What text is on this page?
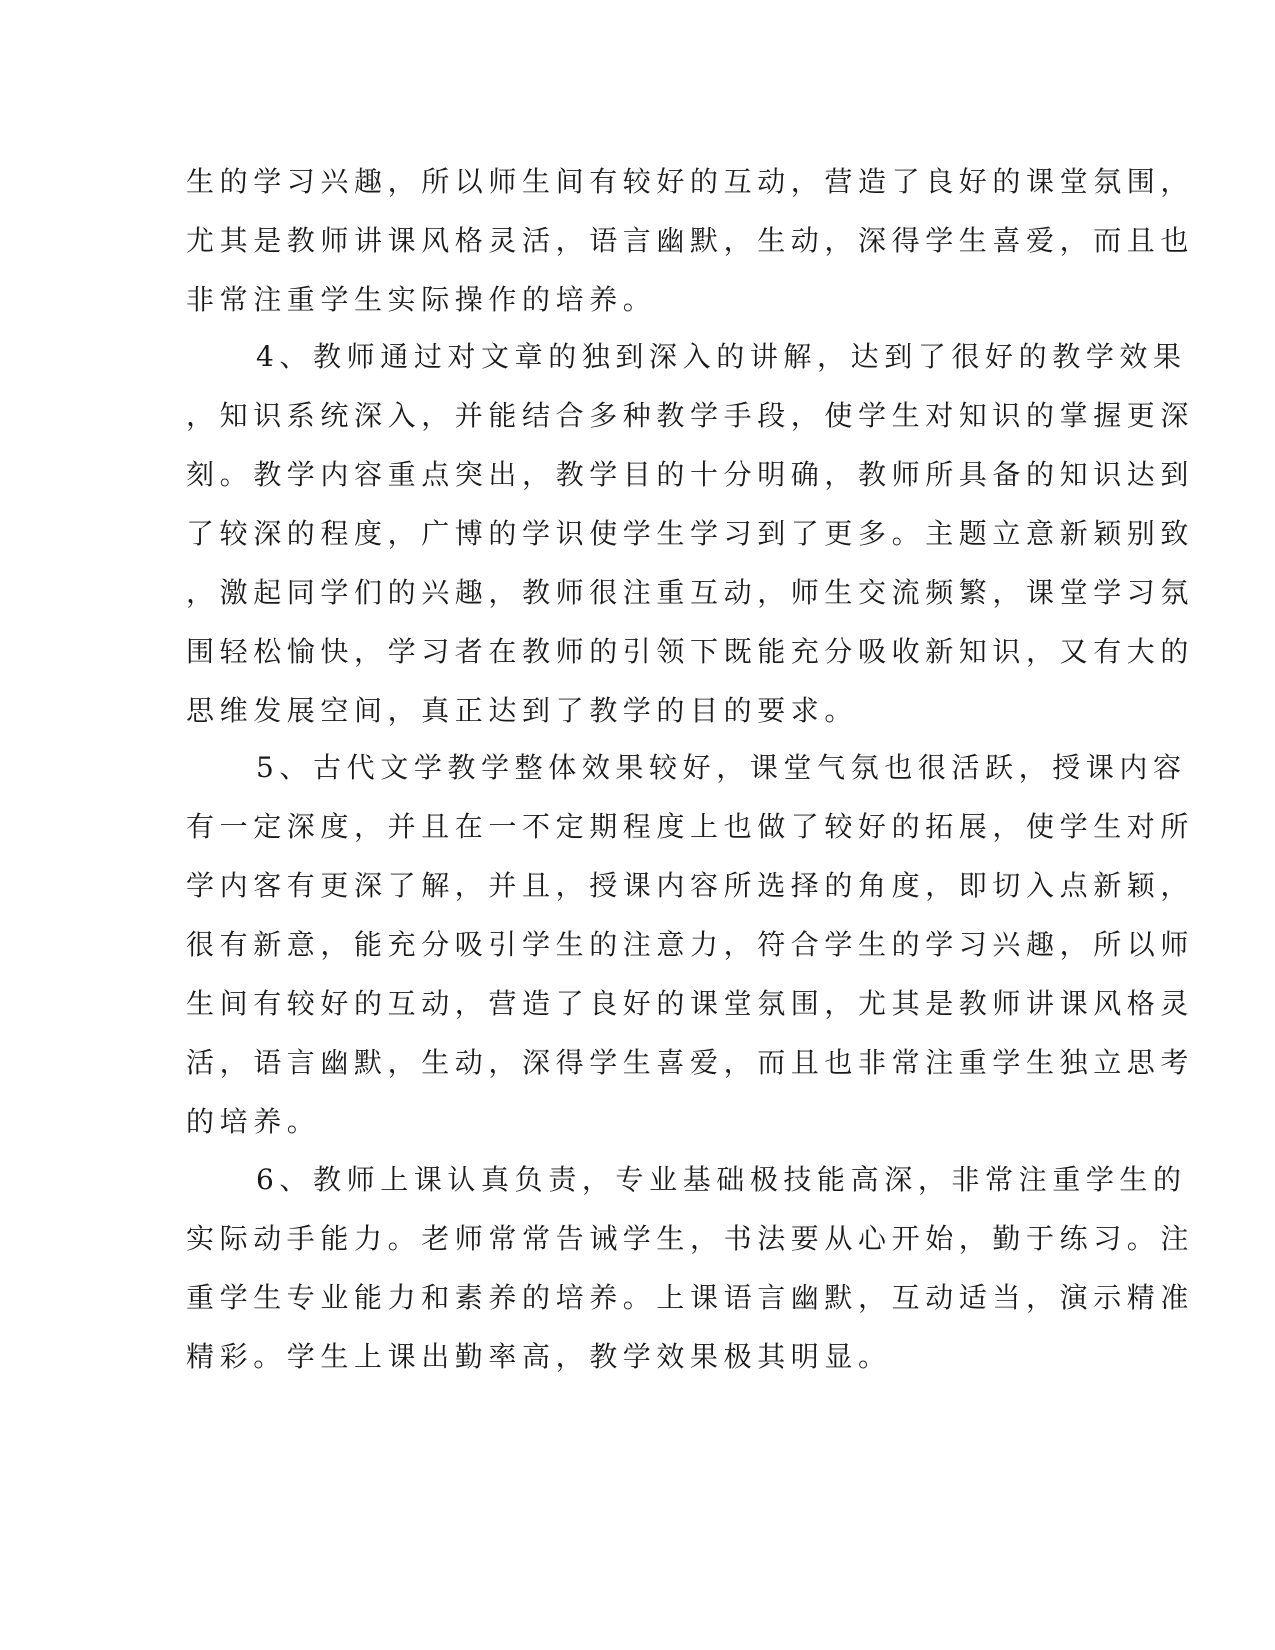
生的学习兴趣，所以师生间有较好的互动，营造了良好的课堂氛围，
尤其是教师讲课风格灵活，语言幽默，生动，深得学生喜爱，而且也
非常注重学生实际操作的培养。
4、教师通过对文章的独到深入的讲解，达到了很好的教学效果
，知识系统深入，并能结合多种教学手段，使学生对知识的掌握更深
刻。教学内容重点突出，教学目的十分明确，教师所具备的知识达到
了较深的程度，广博的学识使学生学习到了更多。主题立意新颖别致
，激起同学们的兴趣，教师很注重互动，师生交流频繁，课堂学习氛
围轻松愉快，学习者在教师的引领下既能充分吸收新知识，又有大的
思维发展空间，真正达到了教学的目的要求。
5、古代文学教学整体效果较好，课堂气氛也很活跃，授课内容
有一定深度，并且在一不定期程度上也做了较好的拓展，使学生对所
学内客有更深了解，并且，授课内容所选择的角度，即切入点新颖，
很有新意，能充分吸引学生的注意力，符合学生的学习兴趣，所以师
生间有较好的互动，营造了良好的课堂氛围，尤其是教师讲课风格灵
活，语言幽默，生动，深得学生喜爱，而且也非常注重学生独立思考
的培养。
6、教师上课认真负责，专业基础极技能高深，非常注重学生的
实际动手能力。老师常常告诫学生，书法要从心开始，勤于练习。注
重学生专业能力和素养的培养。上课语言幽默，互动适当，演示精准
精彩。学生上课出勤率高，教学效果极其明显。
